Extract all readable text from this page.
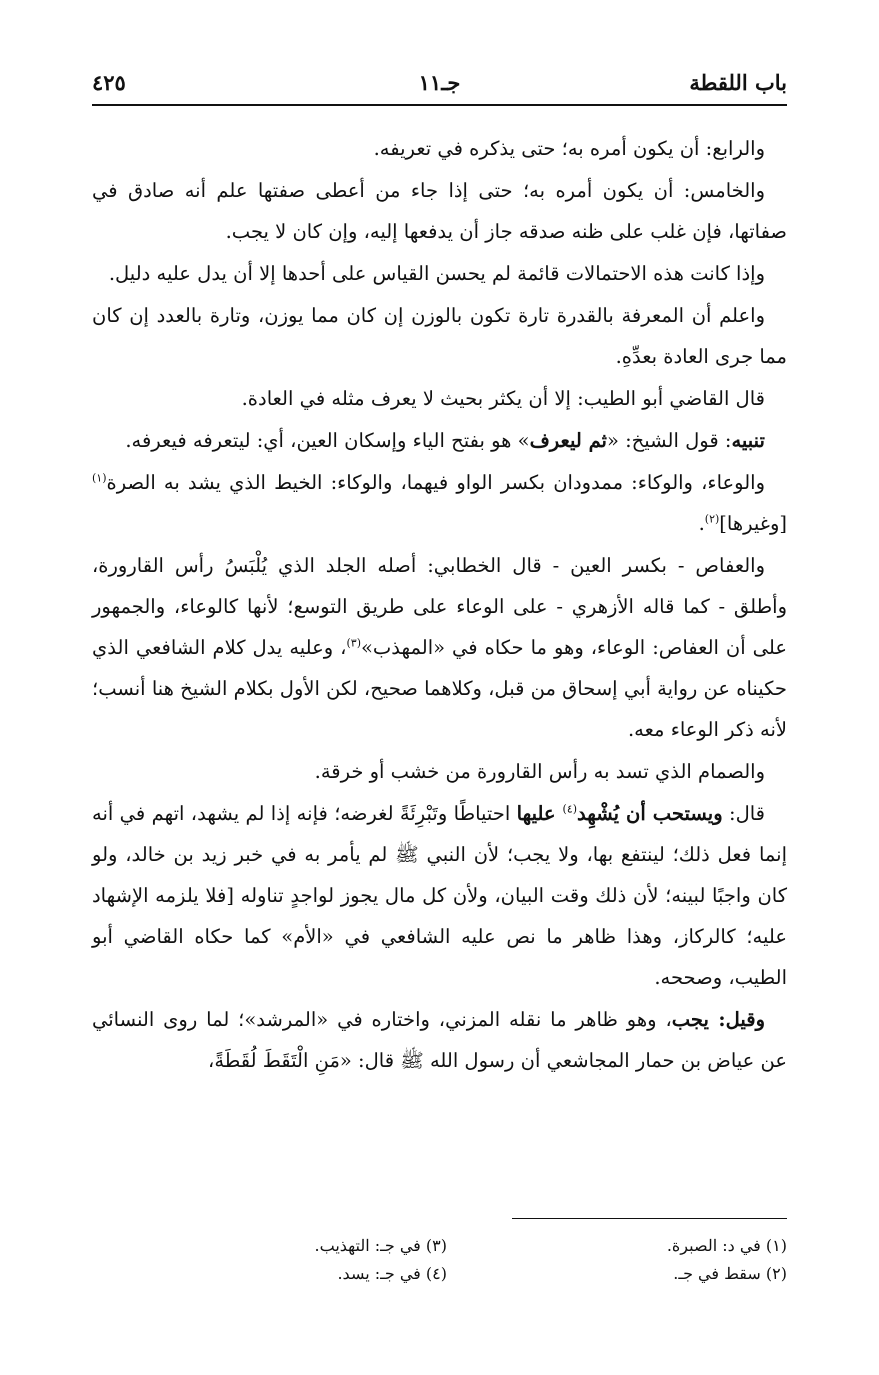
باب اللقطة
جـ١١
٤٢٥

والرابع: أن يكون أمره به؛ حتى يذكره في تعريفه.

والخامس: أن يكون أمره به؛ حتى إذا جاء من أعطى صفتها علم أنه صادق في صفاتها، فإن غلب على ظنه صدقه جاز أن يدفعها إليه، وإن كان لا يجب.

وإذا كانت هذه الاحتمالات قائمة لم يحسن القياس على أحدها إلا أن يدل عليه دليل.

واعلم أن المعرفة بالقدرة تارة تكون بالوزن إن كان مما يوزن، وتارة بالعدد إن كان مما جرى العادة بعدِّهِ.

قال القاضي أبو الطيب: إلا أن يكثر بحيث لا يعرف مثله في العادة.

تنبيه: قول الشيخ: «ثم ليعرف» هو بفتح الياء وإسكان العين، أي: ليتعرفه فيعرفه.

والوعاء، والوكاء: ممدودان بكسر الواو فيهما، والوكاء: الخيط الذي يشد به الصرة$^{(١)}$ [وغيرها]$^{(٢)}$.

والعفاص - بكسر العين - قال الخطابي: أصله الجلد الذي يُلْبَسُ رأس القارورة، وأطلق - كما قاله الأزهري - على الوعاء على طريق التوسع؛ لأنها كالوعاء، والجمهور على أن العفاص: الوعاء، وهو ما حكاه في «المهذب»$^{(٣)}$، وعليه يدل كلام الشافعي الذي حكيناه عن رواية أبي إسحاق من قبل، وكلاهما صحيح، لكن الأول بكلام الشيخ هنا أنسب؛ لأنه ذكر الوعاء معه.

والصمام الذي تسد به رأس القارورة من خشب أو خرقة.

قال: ويستحب أن يُشْهِد$^{(٤)}$ عليها احتياطًا وتَبْرِئَةً لغرضه؛ فإنه إذا لم يشهد، اتهم في أنه إنما فعل ذلك؛ لينتفع بها، ولا يجب؛ لأن النبي ﷺ لم يأمر به في خبر زيد بن خالد، ولو كان واجبًا لبينه؛ لأن ذلك وقت البيان، ولأن كل مال يجوز لواجدٍ تناوله [فلا يلزمه الإشهاد عليه؛ كالركاز، وهذا ظاهر ما نص عليه الشافعي في «الأم» كما حكاه القاضي أبو الطيب، وصححه.

وقيل: يجب، وهو ظاهر ما نقله المزني، واختاره في «المرشد»؛ لما روى النسائي عن عياض بن حمار المجاشعي أن رسول الله ﷺ قال: «مَنِ الْتَقَطَ لُقَطَةً،

(١) في د: الصبرة.
(٢) سقط في جـ.
(٣) في جـ: التهذيب.
(٤) في جـ: يسد.
